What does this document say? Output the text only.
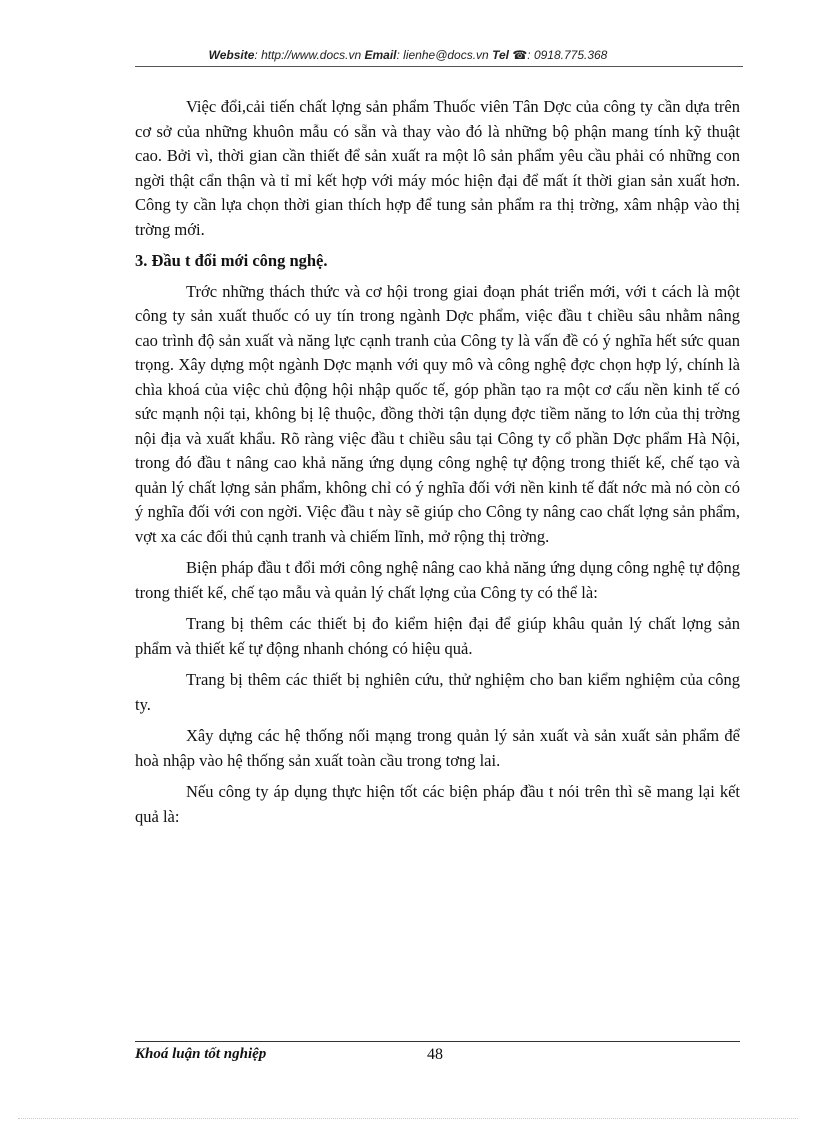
Website: http://www.docs.vn Email: lienhe@docs.vn Tel ☎: 0918.775.368

Việc đổi,cải tiến chất lợng sản phẩm Thuốc viên Tân Dợc của công ty cần dựa trên cơ sở của những khuôn mẫu có sẵn và thay vào đó là những bộ phận mang tính kỹ thuật cao. Bởi vì, thời gian cần thiết để sản xuất ra một lô sản phẩm yêu cầu phải có những con ngời thật cẩn thận và tỉ mỉ kết hợp với máy móc hiện đại để mất ít thời gian sản xuất hơn. Công ty cần lựa chọn thời gian thích hợp để tung sản phẩm ra thị trờng, xâm nhập vào thị trờng mới.

3. Đầu t đổi mới công nghệ.

Trớc những thách thức và cơ hội trong giai đoạn phát triển mới, với t cách là một công ty sản xuất thuốc có uy tín trong ngành Dợc phẩm, việc đầu t chiều sâu nhằm nâng cao trình độ sản xuất và năng lực cạnh tranh của Công ty là vấn đề có ý nghĩa hết sức quan trọng. Xây dựng một ngành Dợc mạnh với quy mô và công nghệ đợc chọn hợp lý, chính là chìa khoá của việc chủ động hội nhập quốc tế, góp phần tạo ra một cơ cấu nền kinh tế có sức mạnh nội tại, không bị lệ thuộc, đồng thời tận dụng đợc tiềm năng to lớn của thị trờng nội địa và xuất khẩu. Rõ ràng việc đầu t chiều sâu tại Công ty cổ phần Dợc phẩm Hà Nội, trong đó đầu t nâng cao khả năng ứng dụng công nghệ tự động trong thiết kế, chế tạo và quản lý chất lợng sản phẩm, không chỉ có ý nghĩa đối với nền kinh tế đất nớc mà nó còn có ý nghĩa đối với con ngời. Việc đầu t này sẽ giúp cho Công ty nâng cao chất lợng sản phẩm, vợt xa các đối thủ cạnh tranh và chiếm lĩnh, mở rộng thị trờng.

Biện pháp đầu t đổi mới công nghệ nâng cao khả năng ứng dụng công nghệ tự động trong thiết kế, chế tạo mẫu và quản lý chất lợng của Công ty có thể là:

Trang bị thêm các thiết bị đo kiểm hiện đại để giúp khâu quản lý chất lợng sản phẩm và thiết kế tự động nhanh chóng có hiệu quả.

Trang bị thêm các thiết bị nghiên cứu, thử nghiệm cho ban kiểm nghiệm của công ty.

Xây dựng các hệ thống nối mạng trong quản lý sản xuất và sản xuất sản phẩm để hoà nhập vào hệ thống sản xuất toàn cầu trong tơng lai.

Nếu công ty áp dụng thực hiện tốt các biện pháp đầu t nói trên thì sẽ mang lại kết quả là:

Khoá luận tốt nghiệp	48
